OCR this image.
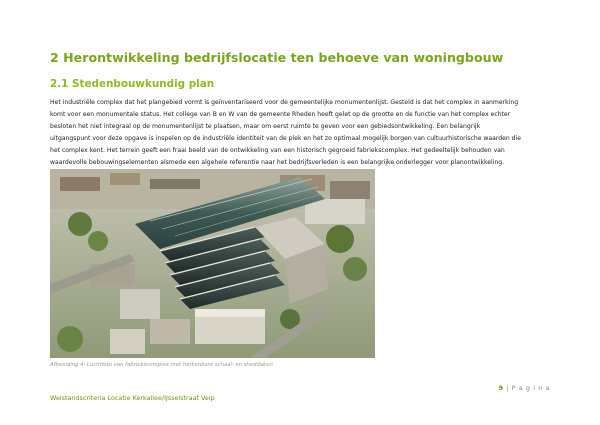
2 Herontwikkeling bedrijfslocatie ten behoeve van woningbouw
2.1 Stedenbouwkundig plan
Het industriële complex dat het plangebied vormt is geïnventariseerd voor de gemeentelijke monumentenlijst. Gesteld is dat het complex in aanmerking
komt voor een monumentale status. Het college van B en W van de gemeente Rheden heeft gelet op de grootte en de functie van het complex echter
besloten het niet integraal op de monumentenlijst te plaatsen, maar om eerst ruimte te geven voor een gebiedsontwikkeling. Een belangrijk
uitgangspunt voor deze opgave is inspelen op de industriële identiteit van de plek en het zo optimaal mogelijk borgen van cultuurhistorische waarden die
het complex kent. Het terrein geeft een fraai beeld van de ontwikkeling van een historisch gegroeid fabriekscomplex. Het gedeeltelijk behouden van
waardevolle bebouwingselementen alsmede een algehele referentie naar het bedrijfsverleden is een belangrijke onderlegger voor planontwikkeling.
Afbeelding 4: Luchtfoto van fabriekscomplex met herkenbare schaal- en sheddaken
9 | P a g i n a
Welstandscriteria Locatie Kerkallee/IJsselstraat Velp
